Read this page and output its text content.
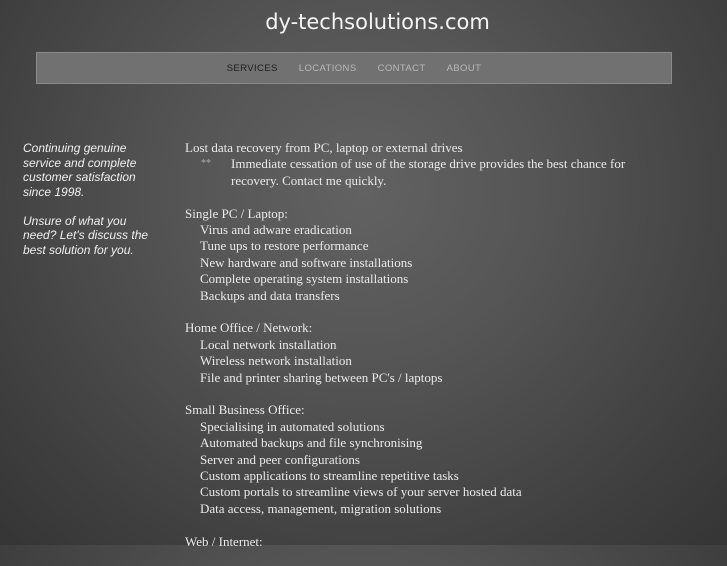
dy-techsolutions.com
SERVICES LOCATIONS CONTACT ABOUT

Continuing genuine service and complete customer satisfaction since 1998.

Unsure of what you need? Let's discuss the best solution for you.

Lost data recovery from PC, laptop or external drives
**	Immediate cessation of use of the storage drive provides the best chance for recovery. Contact me quickly.
Single PC / Laptop:
Virus and adware eradication
Tune ups to restore performance
New hardware and software installations
Complete operating system installations
Backups and data transfers
Home Office / Network:
Local network installation
Wireless network installation
File and printer sharing between PC's / laptops
Small Business Office:
Specialising in automated solutions
Automated backups and file synchronising
Server and peer configurations
Custom applications to streamline repetitive tasks
Custom portals to streamline views of your server hosted data
Data access, management, migration solutions
Web / Internet:
